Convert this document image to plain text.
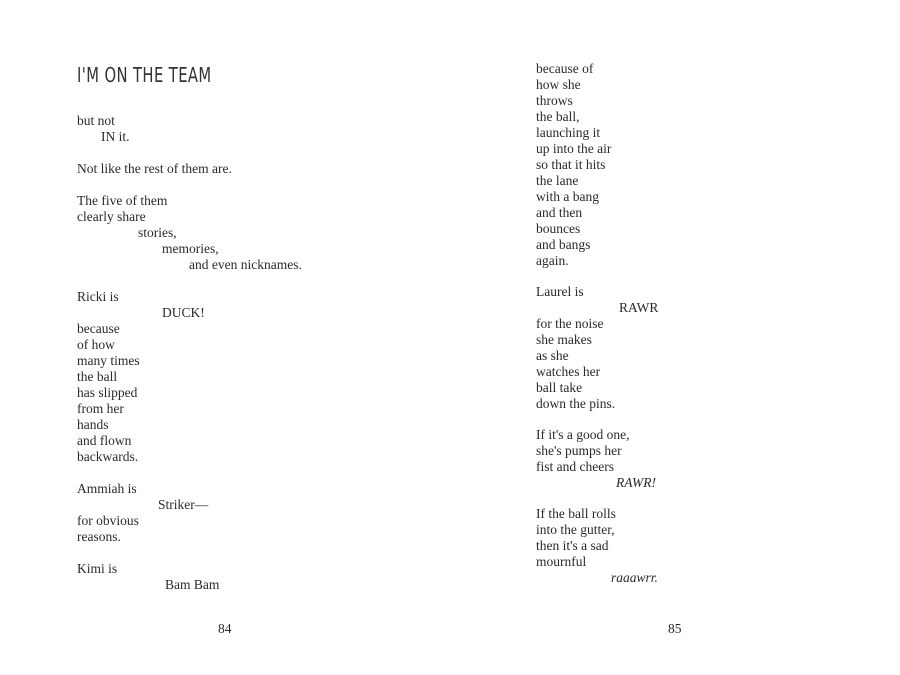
I'M ON THE TEAM
but not
IN it.
Not like the rest of them are.
The five of them
clearly share
stories,
memories,
and even nicknames.
Ricki is
DUCK!
because
of how
many times
the ball
has slipped
from her
hands
and flown
backwards.
Ammiah is
Striker—
for obvious
reasons.
Kimi is
Bam Bam
84
because of
how she
throws
the ball,
launching it
up into the air
so that it hits
the lane
with a bang
and then
bounces
and bangs
again.
Laurel is
RAWR
for the noise
she makes
as she
watches her
ball take
down the pins.
If it's a good one,
she's pumps her
fist and cheers
RAWR!
If the ball rolls
into the gutter,
then it's a sad
mournful
raaawrr.
85
